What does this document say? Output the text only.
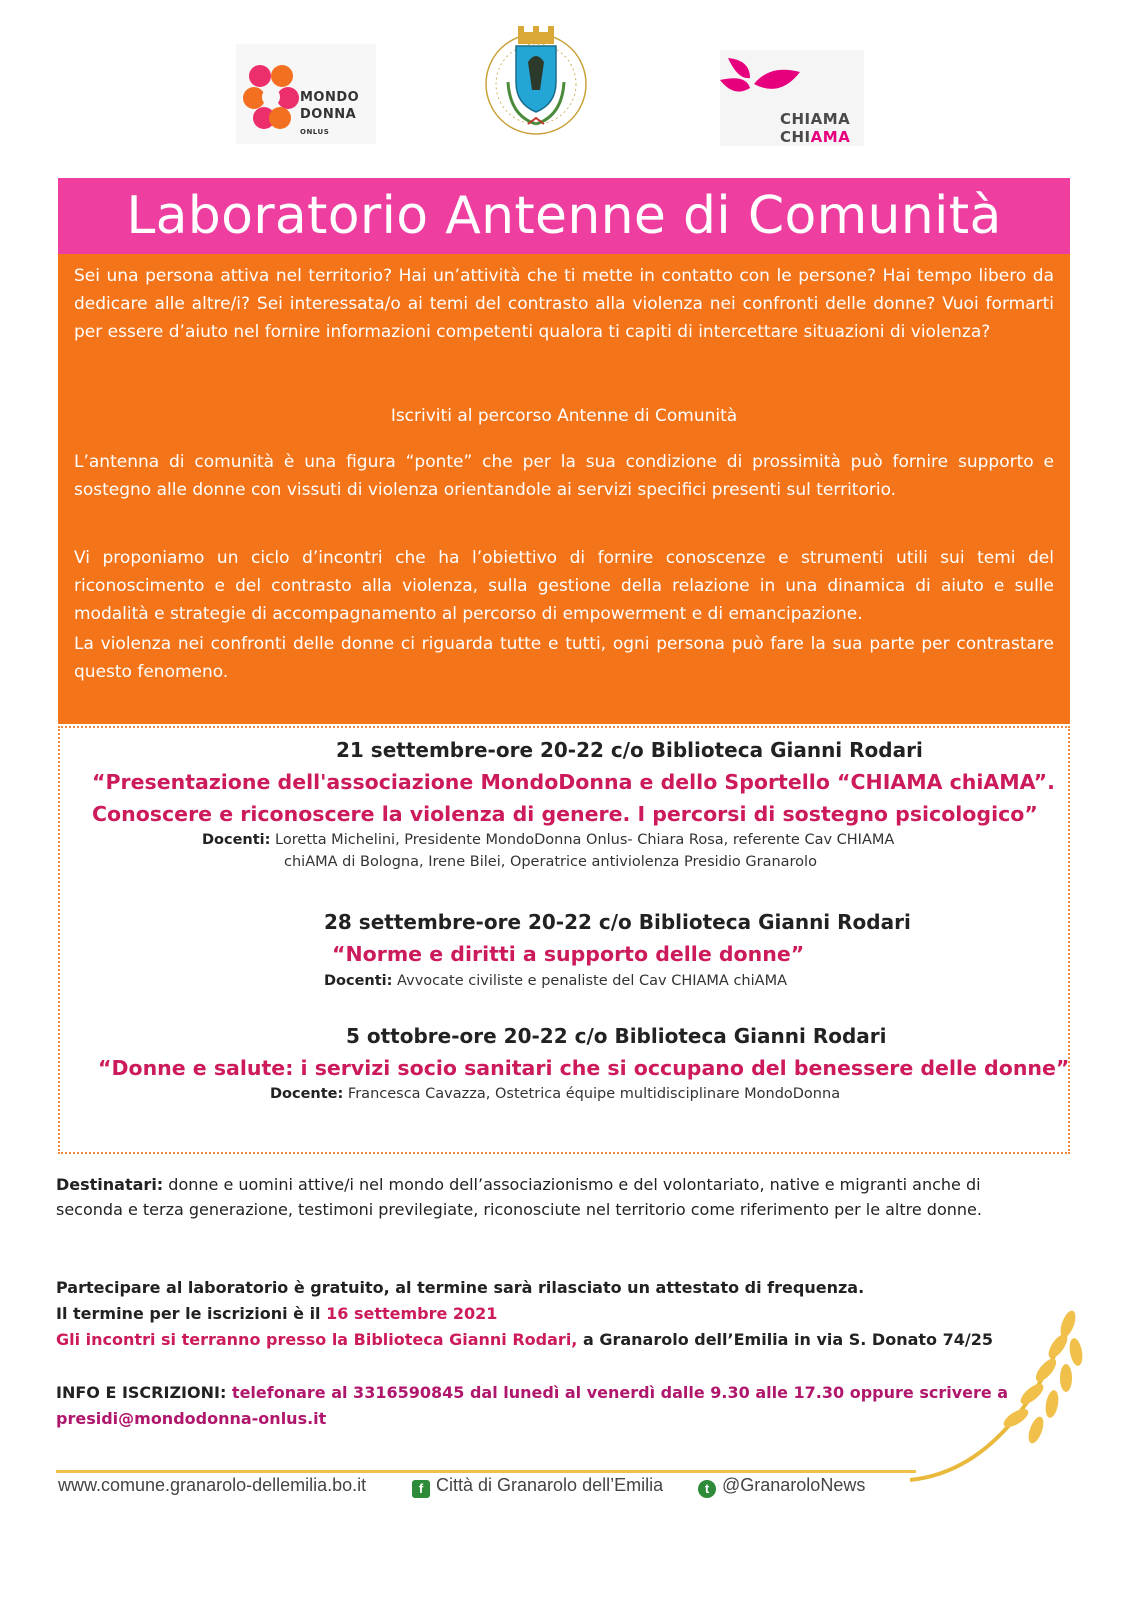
MONDO
DONNA
ONLUS
CHIAMA
CHIAMA
Laboratorio Antenne di Comunità

Sei una persona attiva nel territorio? Hai un’attività che ti mette in contatto con le persone? Hai tempo libero da dedicare alle altre/i? Sei interessata/o ai temi del contrasto alla violenza nei confronti delle donne? Vuoi formarti per essere d’aiuto nel fornire informazioni competenti qualora ti capiti di intercettare situazioni di violenza?

Iscriviti al percorso Antenne di Comunità

L’antenna di comunità è una figura “ponte” che per la sua condizione di prossimità può fornire supporto e sostegno alle donne con vissuti di violenza orientandole ai servizi specifici presenti sul territorio.

Vi proponiamo un ciclo d’incontri che ha l’obiettivo di fornire conoscenze e strumenti utili sui temi del riconoscimento e del contrasto alla violenza, sulla gestione della relazione in una dinamica di aiuto e sulle modalità e strategie di accompagnamento al percorso di empowerment e di emancipazione.

La violenza nei confronti delle donne ci riguarda tutte e tutti, ogni persona può fare la sua parte per contrastare questo fenomeno.

21 settembre-ore 20-22 c/o Biblioteca Gianni Rodari
“Presentazione dell'associazione MondoDonna e dello Sportello “CHIAMA chiAMA”.
Conoscere e riconoscere la violenza di genere. I percorsi di sostegno psicologico”
Docenti: Loretta Michelini, Presidente MondoDonna Onlus- Chiara Rosa, referente Cav CHIAMA
chiAMA di Bologna, Irene Bilei, Operatrice antiviolenza Presidio Granarolo
28 settembre-ore 20-22 c/o Biblioteca Gianni Rodari
“Norme e diritti a supporto delle donne”
Docenti: Avvocate civiliste e penaliste del Cav CHIAMA chiAMA
5 ottobre-ore 20-22 c/o Biblioteca Gianni Rodari
“Donne e salute: i servizi socio sanitari che si occupano del benessere delle donne”
Docente: Francesca Cavazza, Ostetrica équipe multidisciplinare MondoDonna
Destinatari: donne e uomini attive/i nel mondo dell’associazionismo e del volontariato, native e migranti anche di
seconda e terza generazione, testimoni previlegiate, riconosciute nel territorio come riferimento per le altre donne.
Partecipare al laboratorio è gratuito, al termine sarà rilasciato un attestato di frequenza.
Il termine per le iscrizioni è il 16 settembre 2021
Gli incontri si terranno presso la Biblioteca Gianni Rodari, a Granarolo dell’Emilia in via S. Donato 74/25
INFO E ISCRIZIONI: telefonare al 3316590845 dal lunedì al venerdì dalle 9.30 alle 17.30 oppure scrivere a
presidi@mondodonna-onlus.it
www.comune.granarolo-dellemilia.bo.it	f Città di Granarolo dell’Emilia	t @GranaroloNews
